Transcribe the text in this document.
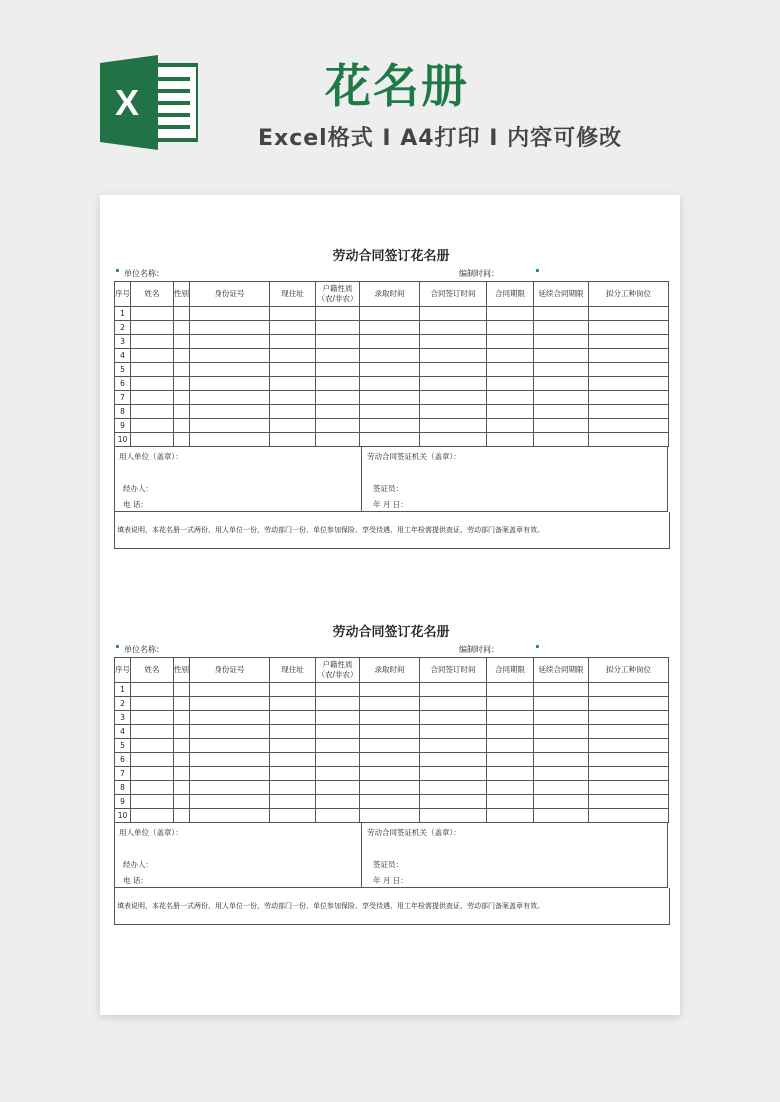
X	花名册
Excel格式 I A4打印 I 内容可修改
劳动合同签订花名册
单位名称：	编制时间：
序号	姓名	性别	身份证号	现住址	户籍性质（农/非农）	录取时间	合同签订时间	合同期限	延续合同期限	拟分工种岗位
1										
2										
3										
4										
5										
6										
7										
8										
9										
10										
用人单位（盖章）：
经办人：
电 话：
劳动合同签证机关（盖章）：
签证员：
年 月 日：
填表说明，本花名册一式两份，用人单位一份、劳动部门一份、单位参加保险、享受待遇、用工年检需提供查证、劳动部门备案盖章有效。
劳动合同签订花名册
单位名称：	编制时间：
序号	姓名	性别	身份证号	现住址	户籍性质（农/非农）	录取时间	合同签订时间	合同期限	延续合同期限	拟分工种岗位
1										
2										
3										
4										
5										
6										
7										
8										
9										
10										
用人单位（盖章）：
经办人：
电 话：
劳动合同签证机关（盖章）：
签证员：
年 月 日：
填表说明，本花名册一式两份，用人单位一份、劳动部门一份、单位参加保险、享受待遇、用工年检需提供查证、劳动部门备案盖章有效。
